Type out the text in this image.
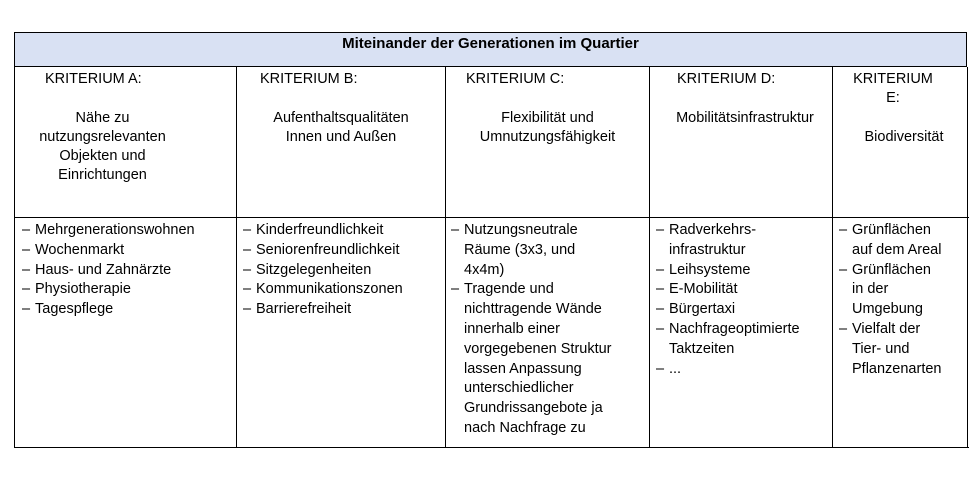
Miteinander der Generationen im Quartier
KRITERIUM A:
Nähe zu
nutzungsrelevanten
Objekten und
Einrichtungen
KRITERIUM B:
Aufenthaltsqualitäten
Innen und Außen
KRITERIUM C:
Flexibilität und
Umnutzungsfähigkeit
KRITERIUM D:
Mobilitätsinfrastruktur
KRITERIUM
E:
Biodiversität
– Mehrgenerationswohnen
– Wochenmarkt
– Haus- und Zahnärzte
– Physiotherapie
– Tagespflege
– Kinderfreundlichkeit
– Seniorenfreundlichkeit
– Sitzgelegenheiten
– Kommunikationszonen
– Barrierefreiheit
– Nutzungsneutrale
Räume (3x3, und
4x4m)
– Tragende und
nichttragende Wände
innerhalb einer
vorgegebenen Struktur
lassen Anpassung
unterschiedlicher
Grundrissangebote ja
nach Nachfrage zu
– Radverkehrs-
infrastruktur
– Leihsysteme
– E-Mobilität
– Bürgertaxi
– Nachfrageoptimierte
Taktzeiten
– ...
– Grünflächen
auf dem Areal
– Grünflächen
in der
Umgebung
– Vielfalt der
Tier- und
Pflanzenarten
